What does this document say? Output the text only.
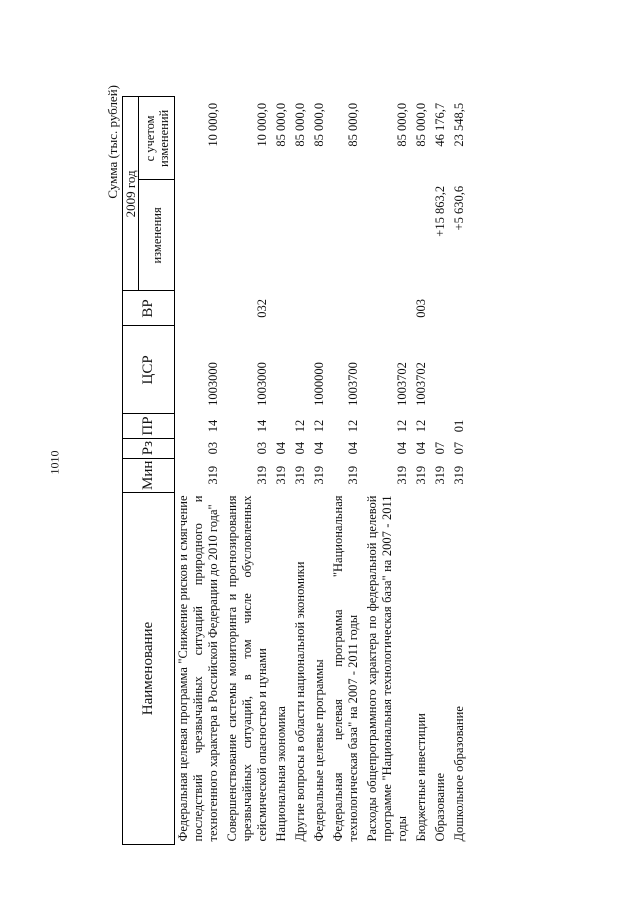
1010
Сумма (тыс. рублей)
Наименование	Мин	Рз	ПР	ЦСР	ВР	2009 год	
						изменения	с учетом изменений
Федеральная целевая программа "Снижение рисков и смягчение последствий чрезвычайных ситуаций природного и техногенного характера в Российской Федерации до 2010 года"	319	03	14	1003000			10 000,0
Совершенствование системы мониторинга и прогнозирования чрезвычайных ситуаций, в том числе обусловленных сейсмической опасностью и цунами	319	03	14	1003000	032		10 000,0
Национальная экономика	319	04					85 000,0
Другие вопросы в области национальной экономики	319	04	12				85 000,0
Федеральные целевые программы	319	04	12	1000000			85 000,0
Федеральная целевая программа "Национальная технологическая база" на 2007 - 2011 годы	319	04	12	1003700			85 000,0
Расходы общепрограммного характера по федеральной целевой программе "Национальная технологическая база" на 2007 - 2011 годы	319	04	12	1003702			85 000,0
Бюджетные инвестиции	319	04	12	1003702	003		85 000,0
Образование	319	07				+15 863,2	46 176,7
Дошкольное образование	319	07	01			+5 630,6	23 548,5
